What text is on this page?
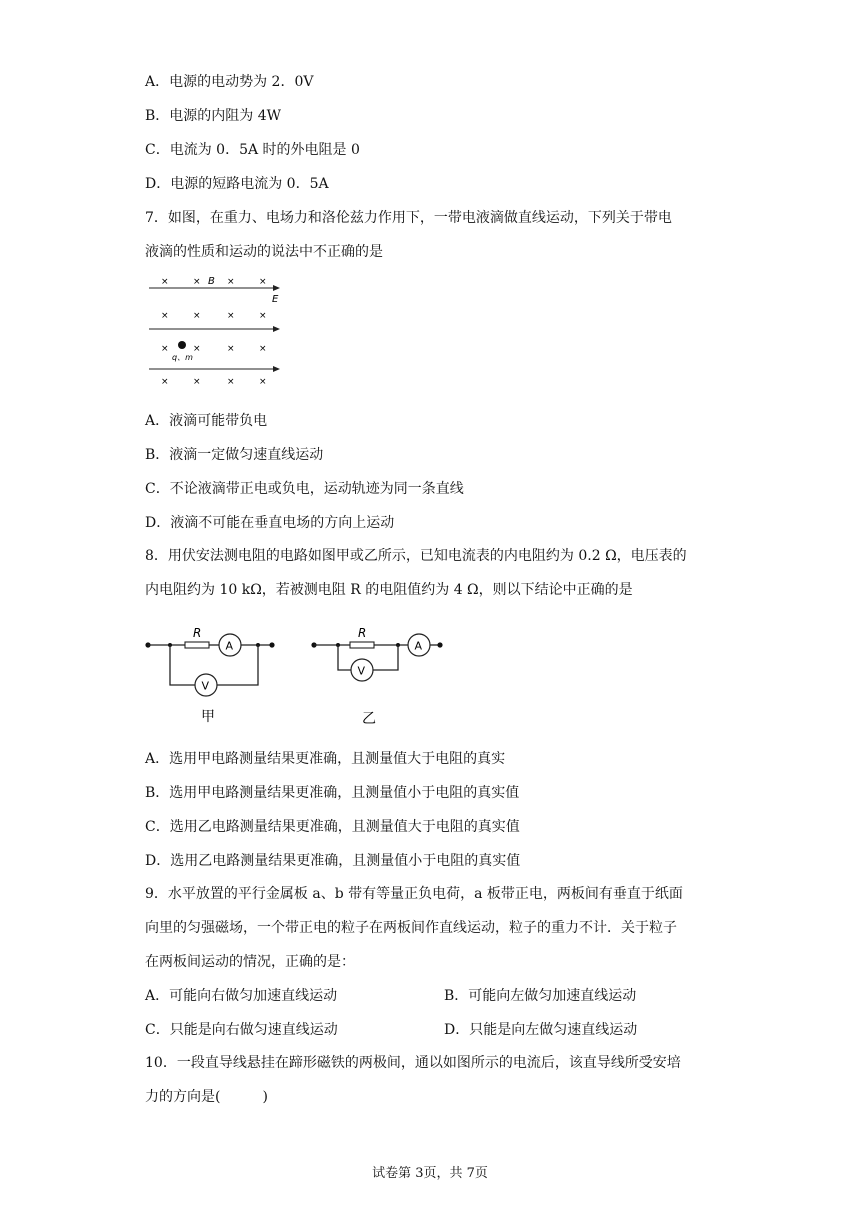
A．电源的电动势为 2．0V
B．电源的内阻为 4W
C．电流为 0．5A 时的外电阻是 0
D．电源的短路电流为 0．5A
7．如图，在重力、电场力和洛伦兹力作用下，一带电液滴做直线运动，下列关于带电
液滴的性质和运动的说法中不正确的是
×	× B ×	×
E
×	×	×	×
×
q、m
×	×	×
×	×	×	×
A．液滴可能带负电
B．液滴一定做匀速直线运动
C．不论液滴带正电或负电，运动轨迹为同一条直线
D．液滴不可能在垂直电场的方向上运动
8．用伏安法测电阻的电路如图甲或乙所示，已知电流表的内电阻约为 0.2 Ω，电压表的
内电阻约为 10 kΩ，若被测电阻 R 的电阻值约为 4 Ω，则以下结论中正确的是
R
A
V
甲
R
A
V
乙
A．选用甲电路测量结果更准确，且测量值大于电阻的真实
B．选用甲电路测量结果更准确，且测量值小于电阻的真实值
C．选用乙电路测量结果更准确，且测量值大于电阻的真实值
D．选用乙电路测量结果更准确，且测量值小于电阻的真实值
9．水平放置的平行金属板 a、b 带有等量正负电荷，a 板带正电，两板间有垂直于纸面
向里的匀强磁场，一个带正电的粒子在两板间作直线运动，粒子的重力不计．关于粒子
在两板间运动的情况，正确的是：
A．可能向右做匀加速直线运动	B．可能向左做匀加速直线运动
C．只能是向右做匀速直线运动	D．只能是向左做匀速直线运动
10．一段直导线悬挂在蹄形磁铁的两极间，通以如图所示的电流后，该直导线所受安培
力的方向是(　　　)
试卷第 3页，共 7页
